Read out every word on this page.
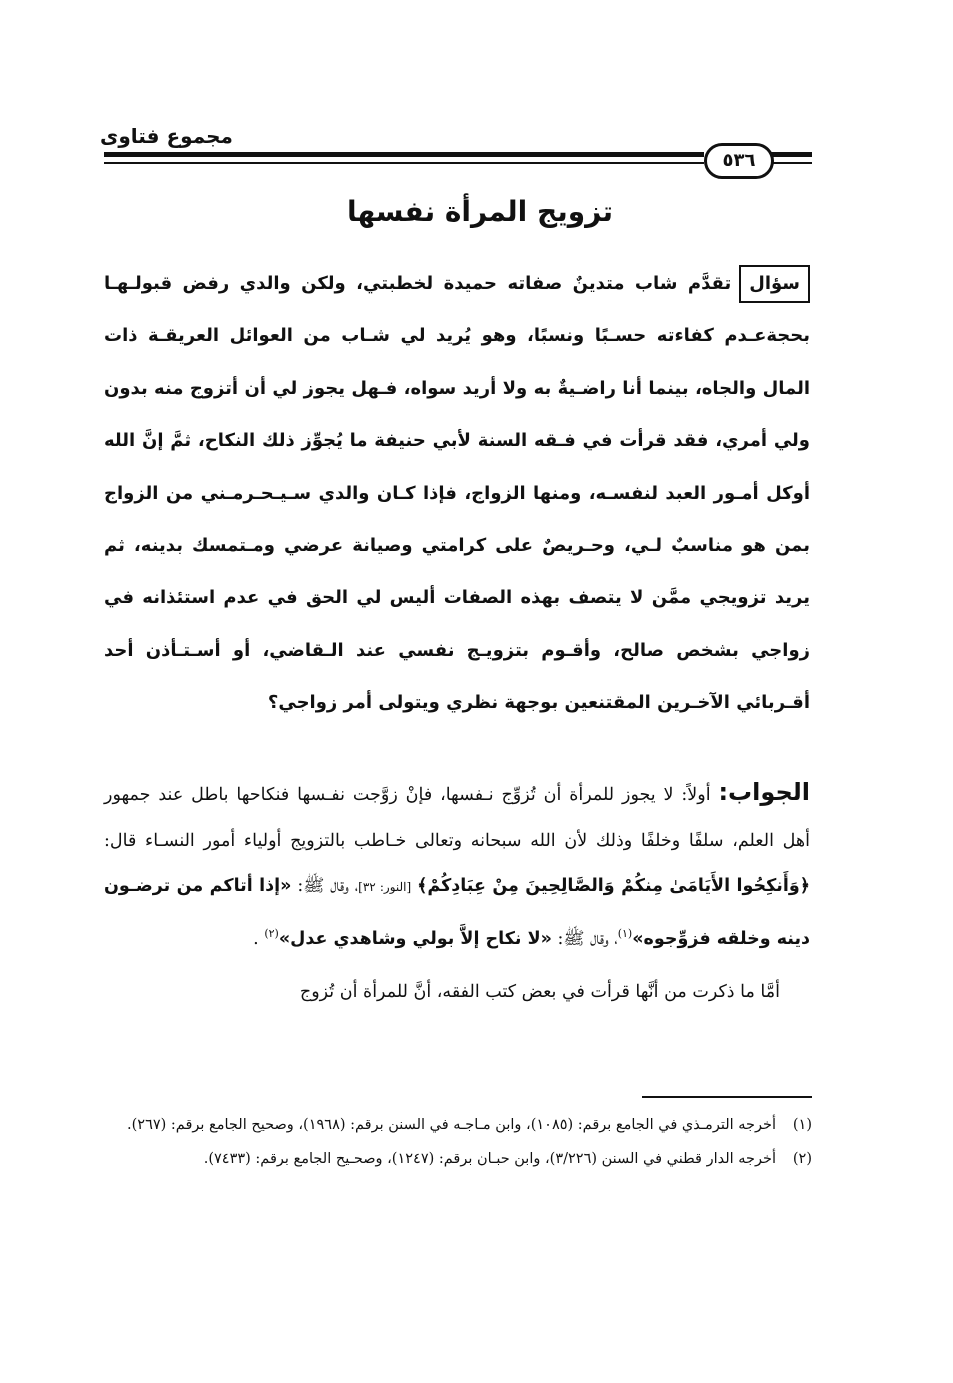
مجموع فتاوى
٥٣٦
تزويج المرأة نفسها
سؤالتقدَّم شاب متدينٌ صفاته حميدة لخطبتي، ولكن والدي رفض قبولـهـا بحجةعـدم كفاءته حسـبًا ونسبًا، وهو يُريد لي شـاب من العوائل العريقـة ذات المال والجاه، بينما أنا راضـيةٌ به ولا أريد سواه، فـهل يجوز لي أن أتزوج منه بدون ولي أمري، فقد قرأت في فـقه السنة لأبي حنيفة ما يُجوِّز ذلك النكاح، ثمَّ إنَّ الله أوكل أمـور العبد لنفسـه، ومنها الزواج، فإذا كـان والدي سـيـحـرمـني من الزواج بمن هو مناسبٌ لـي، وحـريصٌ على كرامتي وصيانة عرضي ومـتمسك بدينه، ثم يريد تزويجي ممَّن لا يتصف بهذه الصفات أليس لي الحق في عدم استئذانه في زواجي بشخص صالح، وأقـوم بتزويـج نفسي عند الـقاضي، أو أسـتـأذن أحد أقـربائي الآخـرين المقتنعين بوجهة نظري ويتولى أمر زواجي؟
الجواب: أولاً: لا يجوز للمرأة أن تُزوِّج نـفسها، فإنْ زوَّجت نفـسها فنكاحها باطل عند جمهور أهل العلم، سلفًا وخلفًا وذلك لأن الله سبحانه وتعالى خـاطب بالتزويج أولياء أمور النسـاء قال: ﴿وَأَنكِحُوا الأَيَامَىٰ مِنكُمْ وَالصَّالِحِينَ مِنْ عِبَادِكُمْ﴾ [النور: ٣٢]، وقال ﷺ: «إذا أتاكم من ترضـون دينه وخلقه فزوِّجوه»$^{(١)}$، وقال ﷺ: «لا نكاح إلاَّ بولي وشاهدي عدل»$^{(٢)}$ .
أمَّا ما ذكرت من أنَّها قرأت في بعض كتب الفقه، أنَّ للمرأة أن تُزوج
(١)
أخرجه الترمـذي في الجامع برقم: (١٠٨٥)، وابن مـاجـه في السنن برقم: (١٩٦٨)، وصحيح الجامع برقم: (٢٦٧).
(٢)
أخرجه الدار قطني في السنن (٣/٢٢٦)، وابن حبـان برقم: (١٢٤٧)، وصحـيح الجامع برقم: (٧٤٣٣).
